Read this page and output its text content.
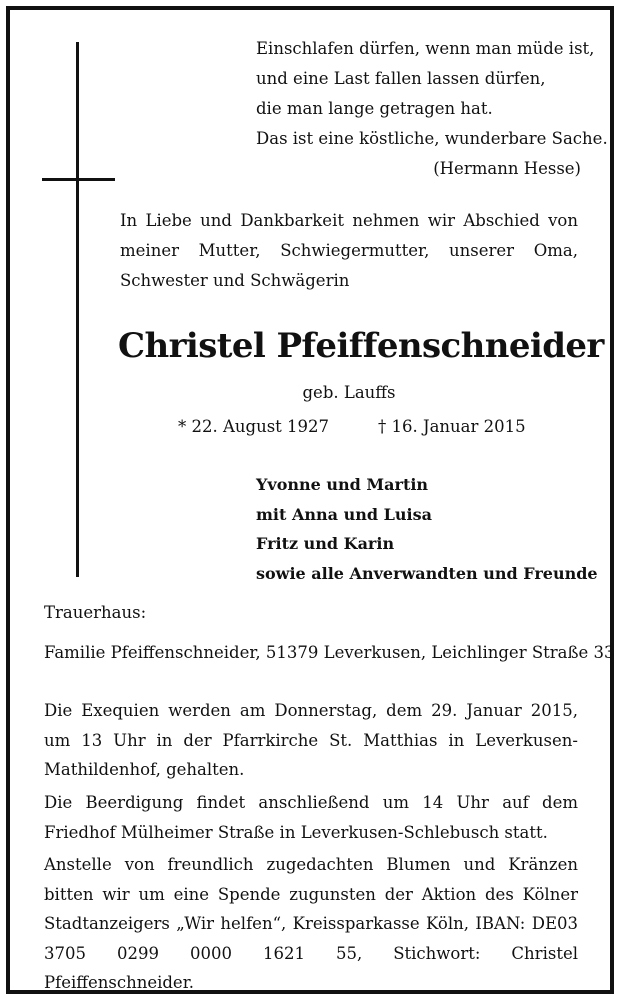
Einschlafen dürfen, wenn man müde ist,
und eine Last fallen lassen dürfen,
die man lange getragen hat.
Das ist eine köstliche, wunderbare Sache.
(Hermann Hesse)

In Liebe und Dankbarkeit nehmen wir Abschied von meiner Mutter, Schwiegermutter, unserer Oma, Schwester und Schwägerin

Christel Pfeiffenschneider
geb. Lauffs
* 22. August 1927	† 16. Januar 2015
Yvonne und Martin
mit Anna und Luisa
Fritz und Karin
sowie alle Anverwandten und Freunde
Trauerhaus:
Familie Pfeiffenschneider, 51379 Leverkusen, Leichlinger Straße 33

Die Exequien werden am Donnerstag, dem 29. Januar 2015, um 13 Uhr in der Pfarrkirche St. Matthias in Leverkusen-Mathildenhof, gehalten.

Die Beerdigung findet anschließend um 14 Uhr auf dem Friedhof Mülheimer Straße in Leverkusen-Schlebusch statt.

Anstelle von freundlich zugedachten Blumen und Kränzen bitten wir um eine Spende zugunsten der Aktion des Kölner Stadtanzeigers „Wir helfen“, Kreissparkasse Köln, IBAN: DE03 3705 0299 0000 1621 55, Stichwort: Christel Pfeiffenschneider.
